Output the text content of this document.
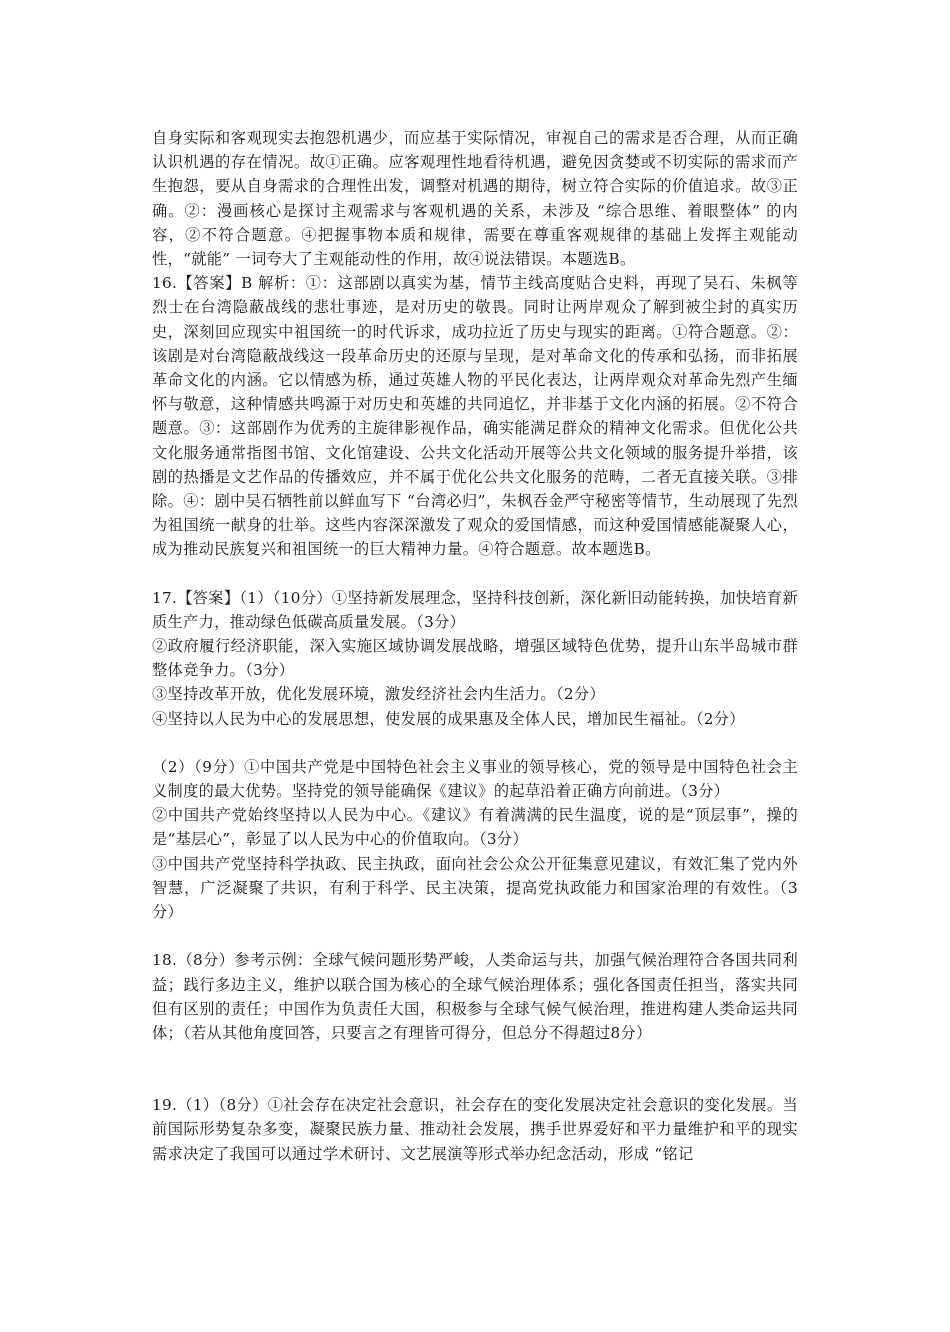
自身实际和客观现实去抱怨机遇少，而应基于实际情况，审视自己的需求是否合理，从而正确认识机遇的存在情况。故①正确。应客观理性地看待机遇，避免因贪婪或不切实际的需求而产生抱怨，要从自身需求的合理性出发，调整对机遇的期待，树立符合实际的价值追求。故③正确。②：漫画核心是探讨主观需求与客观机遇的关系，未涉及 “综合思维、着眼整体” 的内容，②不符合题意。④把握事物本质和规律，需要在尊重客观规律的基础上发挥主观能动性，“就能” 一词夸大了主观能动性的作用，故④说法错误。本题选B。

16.【答案】B 解析：①：这部剧以真实为基，情节主线高度贴合史料，再现了吴石、朱枫等烈士在台湾隐蔽战线的悲壮事迹，是对历史的敬畏。同时让两岸观众了解到被尘封的真实历史，深刻回应现实中祖国统一的时代诉求，成功拉近了历史与现实的距离。①符合题意。②：该剧是对台湾隐蔽战线这一段革命历史的还原与呈现，是对革命文化的传承和弘扬，而非拓展革命文化的内涵。它以情感为桥，通过英雄人物的平民化表达，让两岸观众对革命先烈产生缅怀与敬意，这种情感共鸣源于对历史和英雄的共同追忆，并非基于文化内涵的拓展。②不符合题意。③：这部剧作为优秀的主旋律影视作品，确实能满足群众的精神文化需求。但优化公共文化服务通常指图书馆、文化馆建设、公共文化活动开展等公共文化领域的服务提升举措，该剧的热播是文艺作品的传播效应，并不属于优化公共文化服务的范畴，二者无直接关联。③排除。④：剧中吴石牺牲前以鲜血写下 “台湾必归”，朱枫吞金严守秘密等情节，生动展现了先烈为祖国统一献身的壮举。这些内容深深激发了观众的爱国情感，而这种爱国情感能凝聚人心，成为推动民族复兴和祖国统一的巨大精神力量。④符合题意。故本题选B。

17.【答案】（1）（10分）①坚持新发展理念，坚持科技创新，深化新旧动能转换，加快培育新质生产力，推动绿色低碳高质量发展。（3分）

②政府履行经济职能，深入实施区域协调发展战略，增强区域特色优势，提升山东半岛城市群整体竞争力。（3分）

③坚持改革开放，优化发展环境，激发经济社会内生活力。（2分）

④坚持以人民为中心的发展思想，使发展的成果惠及全体人民，增加民生福祉。（2分）

（2）（9分）①中国共产党是中国特色社会主义事业的领导核心，党的领导是中国特色社会主义制度的最大优势。坚持党的领导能确保《建议》的起草沿着正确方向前进。（3分）

②中国共产党始终坚持以人民为中心。《建议》有着满满的民生温度，说的是“顶层事”，操的是“基层心”，彰显了以人民为中心的价值取向。（3分）

③中国共产党坚持科学执政、民主执政，面向社会公众公开征集意见建议，有效汇集了党内外智慧，广泛凝聚了共识，有利于科学、民主决策，提高党执政能力和国家治理的有效性。（3分）

18.（8分）参考示例：全球气候问题形势严峻，人类命运与共，加强气候治理符合各国共同利益；践行多边主义，维护以联合国为核心的全球气候治理体系；强化各国责任担当，落实共同但有区别的责任；中国作为负责任大国，积极参与全球气候气候治理，推进构建人类命运共同体；（若从其他角度回答，只要言之有理皆可得分，但总分不得超过8分）

19.（1）（8分）①社会存在决定社会意识，社会存在的变化发展决定社会意识的变化发展。当前国际形势复杂多变，凝聚民族力量、推动社会发展，携手世界爱好和平力量维护和平的现实需求决定了我国可以通过学术研讨、文艺展演等形式举办纪念活动，形成 “铭记
